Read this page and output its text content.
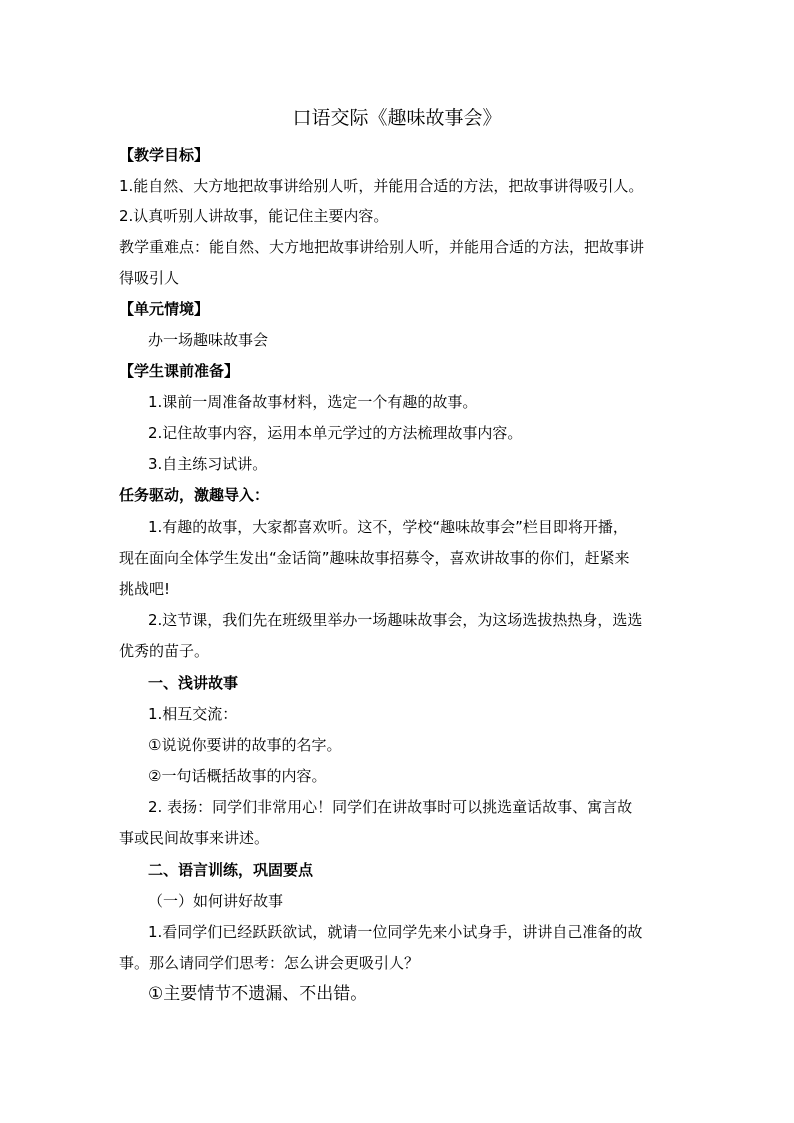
口语交际《趣味故事会》
【教学目标】
1.能自然、大方地把故事讲给别人听，并能用合适的方法，把故事讲得吸引人。
2.认真听别人讲故事，能记住主要内容。
教学重难点：能自然、大方地把故事讲给别人听，并能用合适的方法，把故事讲
得吸引人
【单元情境】
办一场趣味故事会
【学生课前准备】
1.课前一周准备故事材料，选定一个有趣的故事。
2.记住故事内容，运用本单元学过的方法梳理故事内容。
3.自主练习试讲。
任务驱动，激趣导入：
1.有趣的故事，大家都喜欢听。这不，学校“趣味故事会”栏目即将开播，
现在面向全体学生发出“金话筒”趣味故事招募令，喜欢讲故事的你们，赶紧来
挑战吧!
2.这节课，我们先在班级里举办一场趣味故事会，为这场选拔热热身，选选
优秀的苗子。
一、浅讲故事
1.相互交流：
①说说你要讲的故事的名字。
②一句话概括故事的内容。
2. 表扬：同学们非常用心！同学们在讲故事时可以挑选童话故事、寓言故
事或民间故事来讲述。
二、语言训练，巩固要点
（一）如何讲好故事
1.看同学们已经跃跃欲试，就请一位同学先来小试身手，讲讲自己准备的故
事。那么请同学们思考：怎么讲会更吸引人？
①主要情节不遗漏、不出错。
